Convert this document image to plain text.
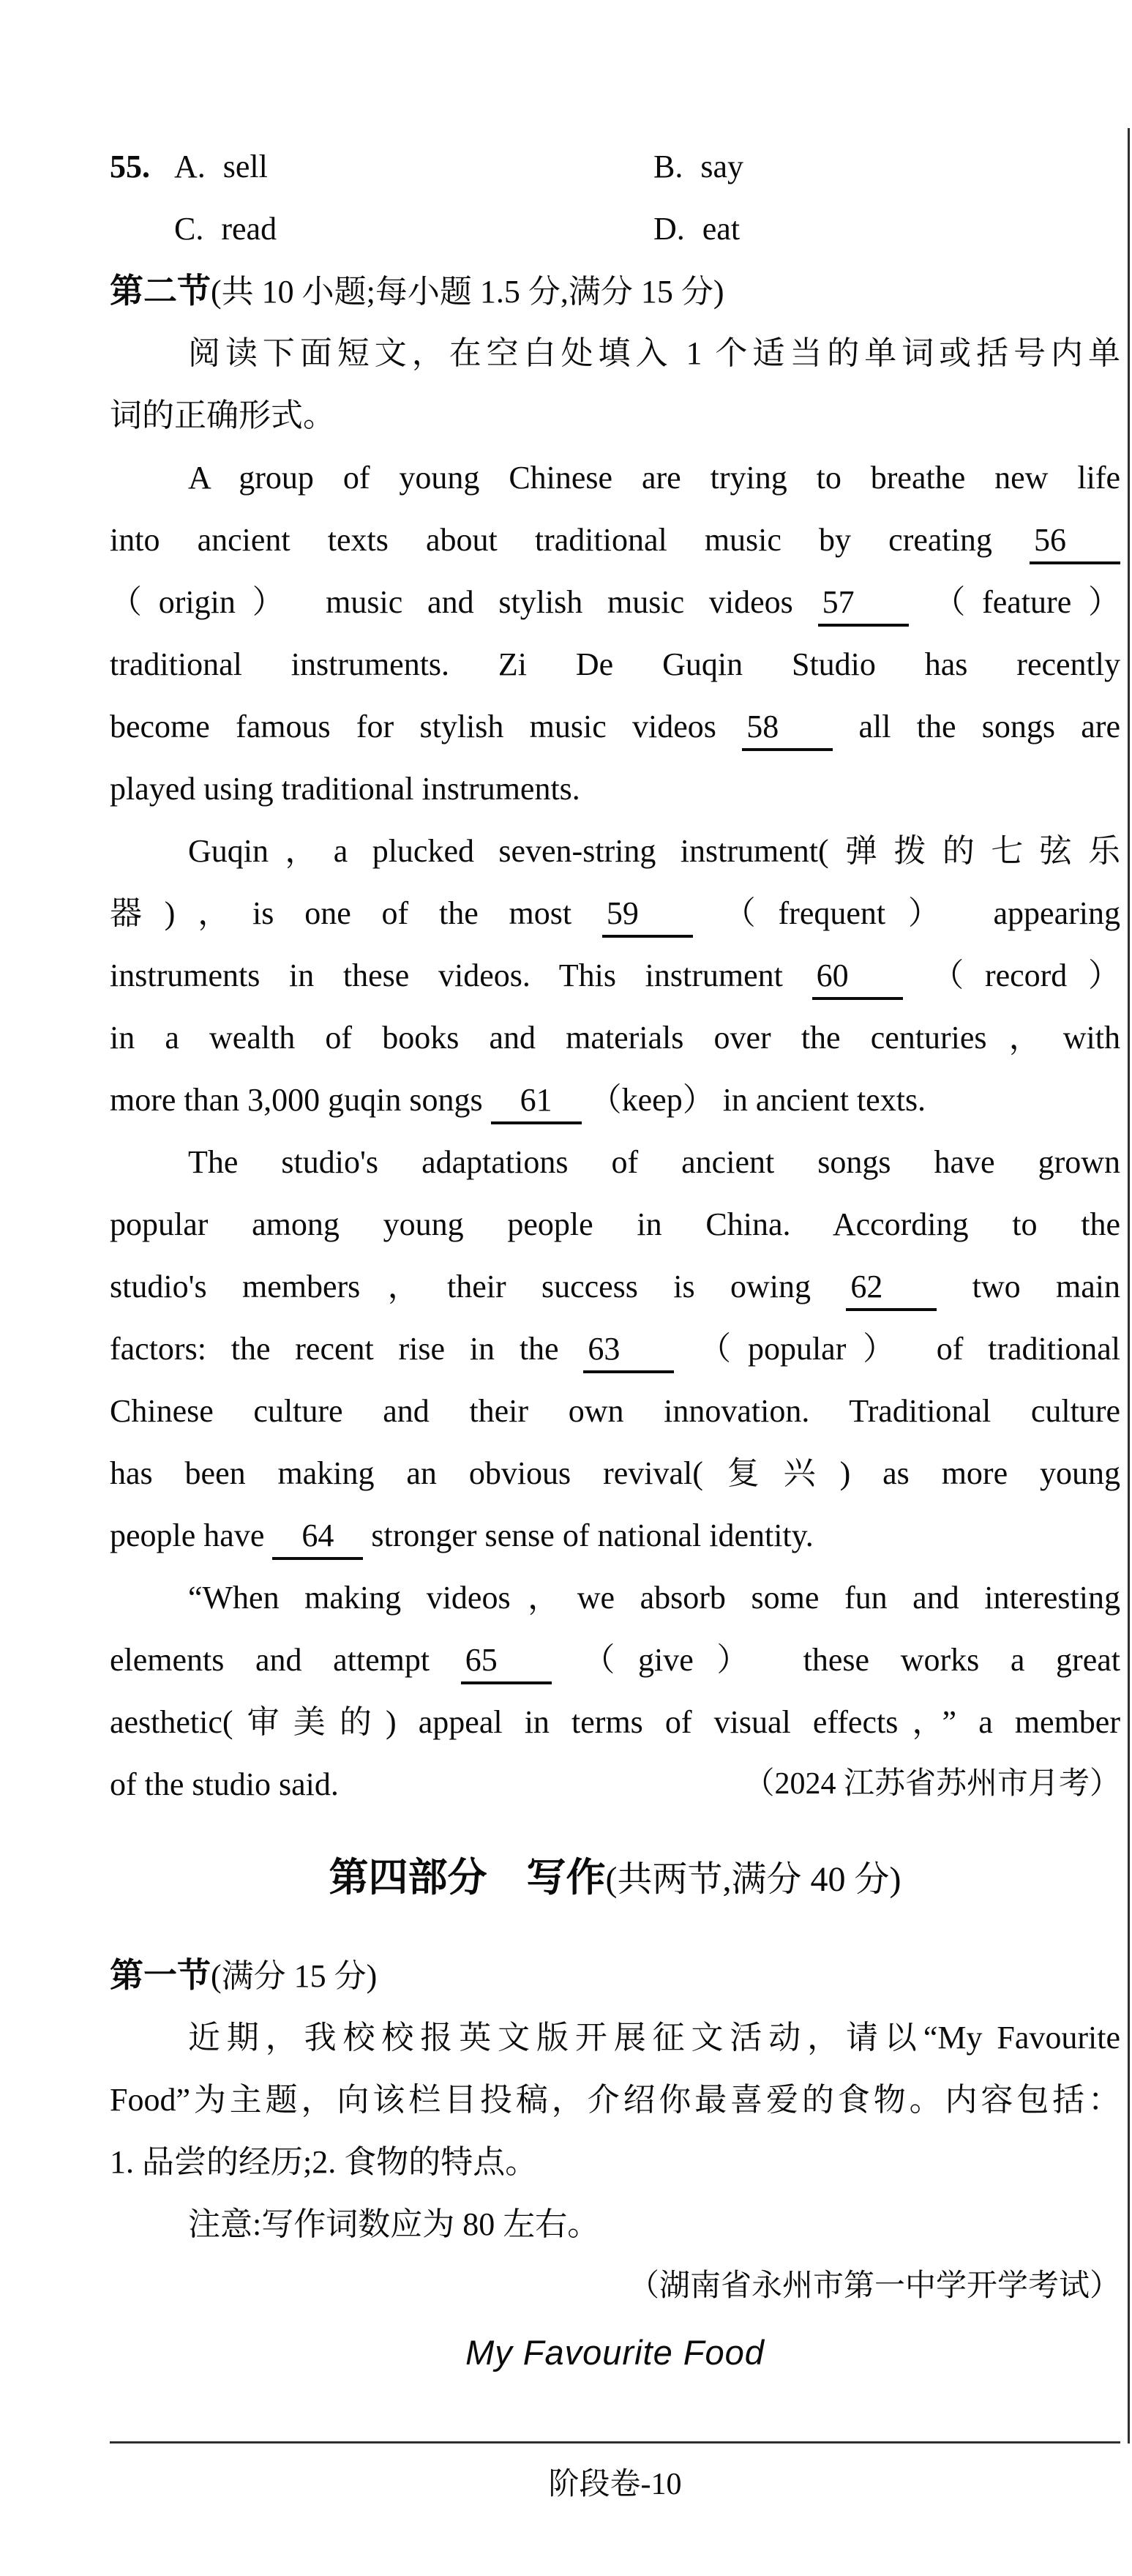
55. A. sell	B. say
C. read	D. eat
第二节(共 10 小题;每小题 1.5 分,满分 15 分)
阅读下面短文，在空白处填入 1 个适当的单词或括号内单
词的正确形式。
A group of young Chinese are trying to breathe new life
into ancient texts about traditional music by creating 56
（origin） music and stylish music videos 57 （feature）
traditional instruments. Zi De Guqin Studio has recently
become famous for stylish music videos 58 all the songs are
played using traditional instruments.
Guqin，a plucked seven-string instrument(弹拨的七弦乐
器)，is one of the most 59 （frequent） appearing
instruments in these videos. This instrument 60 （record）
in a wealth of books and materials over the centuries，with
more than 3,000 guqin songs 61 （keep） in ancient texts.
The studio's adaptations of ancient songs have grown
popular among young people in China. According to the
studio's members，their success is owing 62 two main
factors: the recent rise in the 63 （popular） of traditional
Chinese culture and their own innovation. Traditional culture
has been making an obvious revival(复兴) as more young
people have 64 stronger sense of national identity.
“When making videos，we absorb some fun and interesting
elements and attempt 65 （give） these works a great
aesthetic(审美的) appeal in terms of visual effects，” a member
of the studio said.	（2024 江苏省苏州市月考）
第四部分　写作(共两节,满分 40 分)
第一节(满分 15 分)
近期，我校校报英文版开展征文活动，请以“My Favourite
Food”为主题，向该栏目投稿，介绍你最喜爱的食物。内容包括：
1. 品尝的经历;2. 食物的特点。
注意:写作词数应为 80 左右。
（湖南省永州市第一中学开学考试）
My Favourite Food
阶段卷-10
